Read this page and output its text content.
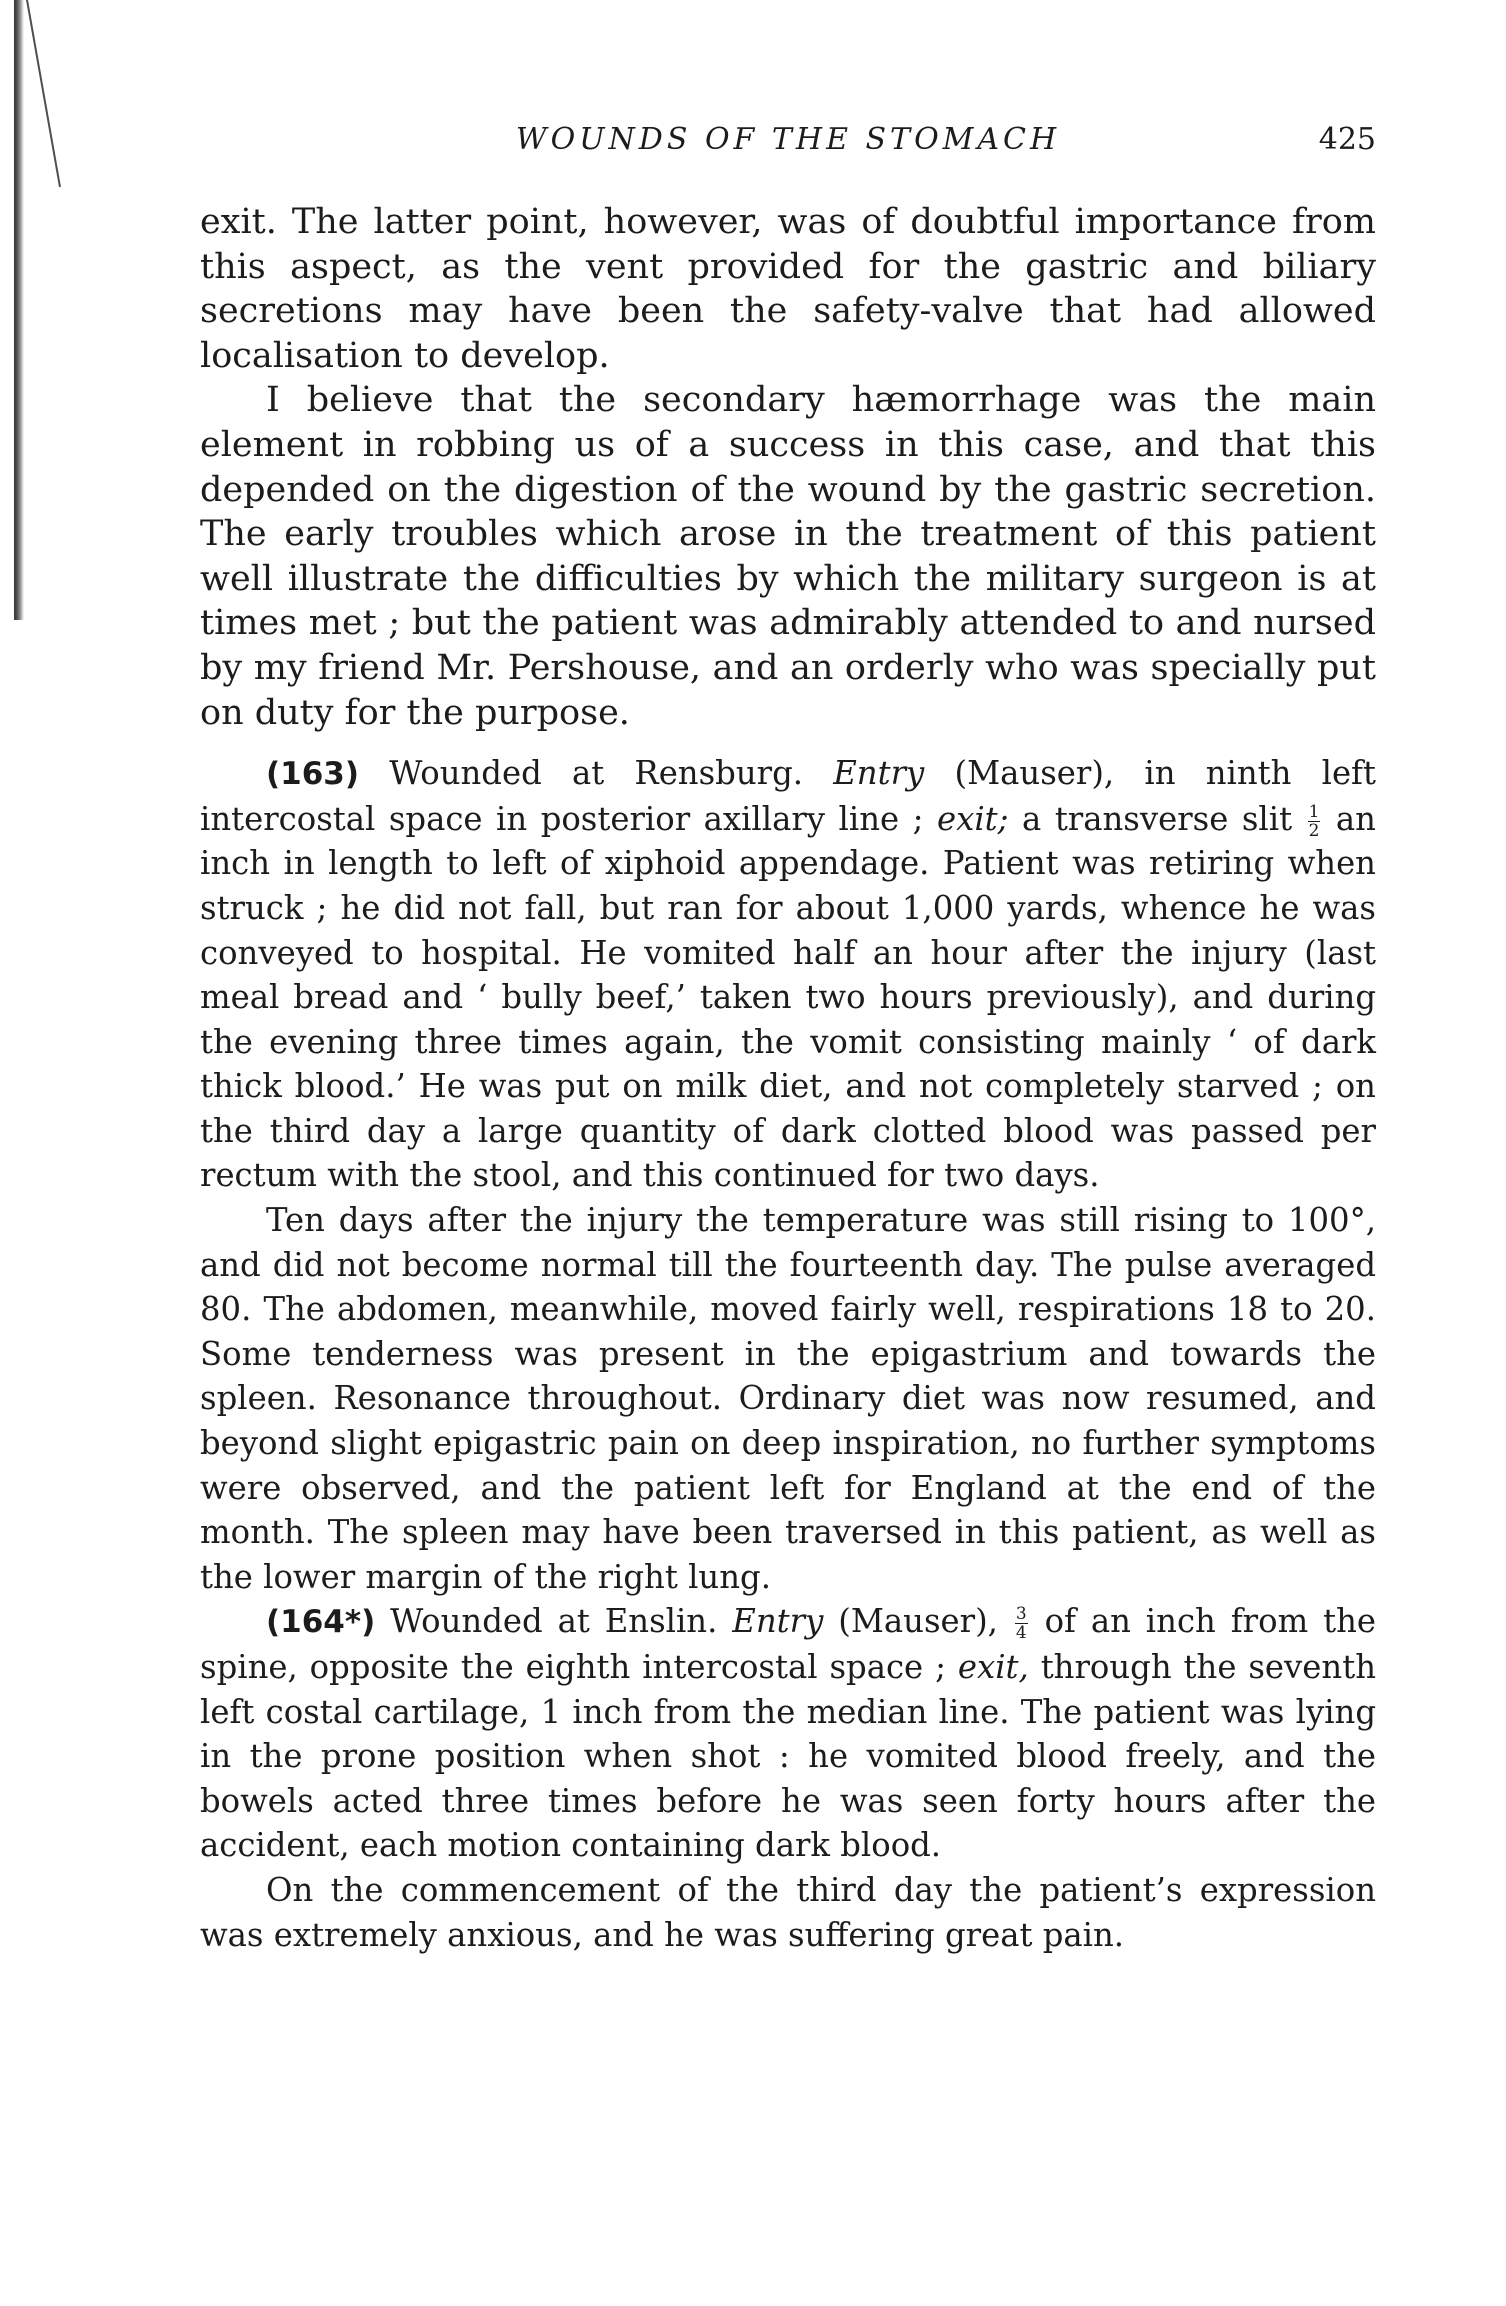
WOUNDS OF THE STOMACH	425

exit. The latter point, however, was of doubtful importance from this aspect, as the vent provided for the gastric and biliary secretions may have been the safety-valve that had allowed localisation to develop.

I believe that the secondary hæmorrhage was the main element in robbing us of a success in this case, and that this depended on the digestion of the wound by the gastric secretion. The early troubles which arose in the treatment of this patient well illustrate the difficulties by which the military surgeon is at times met ; but the patient was admirably attended to and nursed by my friend Mr. Pershouse, and an orderly who was specially put on duty for the purpose.

(163) Wounded at Rensburg. Entry (Mauser), in ninth left intercostal space in posterior axillary line ; exit; a transverse slit $\frac{1}{2}$ an inch in length to left of xiphoid appendage. Patient was retiring when struck ; he did not fall, but ran for about 1,000 yards, whence he was conveyed to hospital. He vomited half an hour after the injury (last meal bread and ‘ bully beef,’ taken two hours previously), and during the evening three times again, the vomit consisting mainly ‘ of dark thick blood.’ He was put on milk diet, and not completely starved ; on the third day a large quantity of dark clotted blood was passed per rectum with the stool, and this continued for two days.

Ten days after the injury the temperature was still rising to 100°, and did not become normal till the fourteenth day. The pulse averaged 80. The abdomen, meanwhile, moved fairly well, respirations 18 to 20. Some tenderness was present in the epigastrium and towards the spleen. Resonance throughout. Ordinary diet was now resumed, and beyond slight epigastric pain on deep inspiration, no further symptoms were observed, and the patient left for England at the end of the month. The spleen may have been traversed in this patient, as well as the lower margin of the right lung.

(164*) Wounded at Enslin. Entry (Mauser), $\frac{3}{4}$ of an inch from the spine, opposite the eighth intercostal space ; exit, through the seventh left costal cartilage, 1 inch from the median line. The patient was lying in the prone position when shot : he vomited blood freely, and the bowels acted three times before he was seen forty hours after the accident, each motion containing dark blood.

On the commencement of the third day the patient’s expression was extremely anxious, and he was suffering great pain.
